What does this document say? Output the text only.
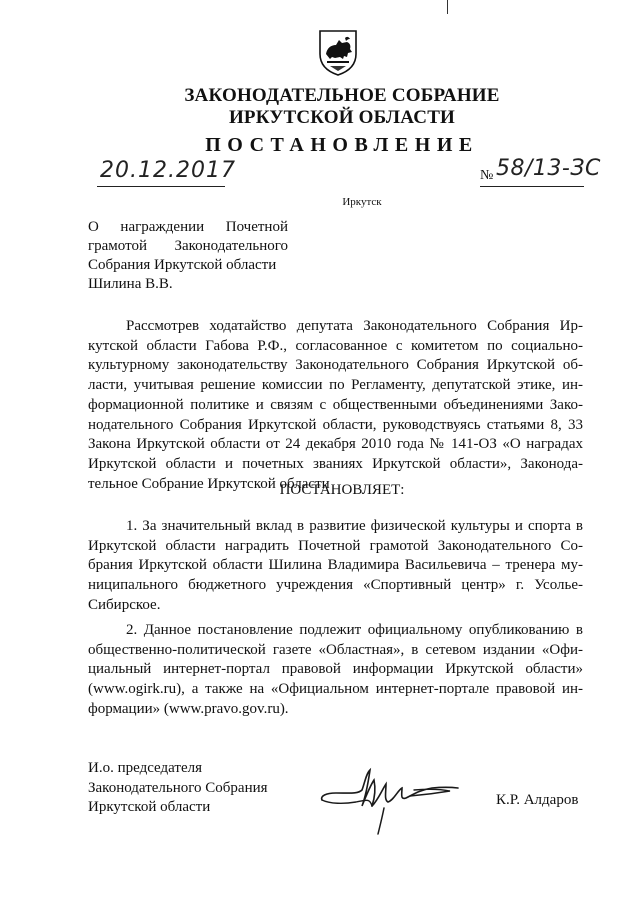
ЗАКОНОДАТЕЛЬНОЕ СОБРАНИЕ
ИРКУТСКОЙ ОБЛАСТИ
ПОСТАНОВЛЕНИЕ
20.12.2017	№ 58/13-ЗС
Иркутск
О награждении Почетной
грамотой Законодательного
Собрания Иркутской области
Шилина В.В.
Рассмотрев ходатайство депутата Законодательного Собрания Ир-
кутской области Габова Р.Ф., согласованное с комитетом по социально-
культурному законодательству Законодательного Собрания Иркутской об-
ласти, учитывая решение комиссии по Регламенту, депутатской этике, ин-
формационной политике и связям с общественными объединениями Зако-
нодательного Собрания Иркутской области, руководствуясь статьями 8, 33
Закона Иркутской области от 24 декабря 2010 года № 141-ОЗ «О наградах
Иркутской области и почетных званиях Иркутской области», Законода-
тельное Собрание Иркутской области
ПОСТАНОВЛЯЕТ:
1. За значительный вклад в развитие физической культуры и спорта в
Иркутской области наградить Почетной грамотой Законодательного Со-
брания Иркутской области Шилина Владимира Васильевича – тренера му-
ниципального бюджетного учреждения «Спортивный центр» г. Усолье-
Сибирское.
2. Данное постановление подлежит официальному опубликованию в
общественно-политической газете «Областная», в сетевом издании «Офи-
циальный интернет-портал правовой информации Иркутской области»
(www.ogirk.ru), а также на «Официальном интернет-портале правовой ин-
формации» (www.pravo.gov.ru).
И.о. председателя
Законодательного Собрания
Иркутской области	К.Р. Алдаров
